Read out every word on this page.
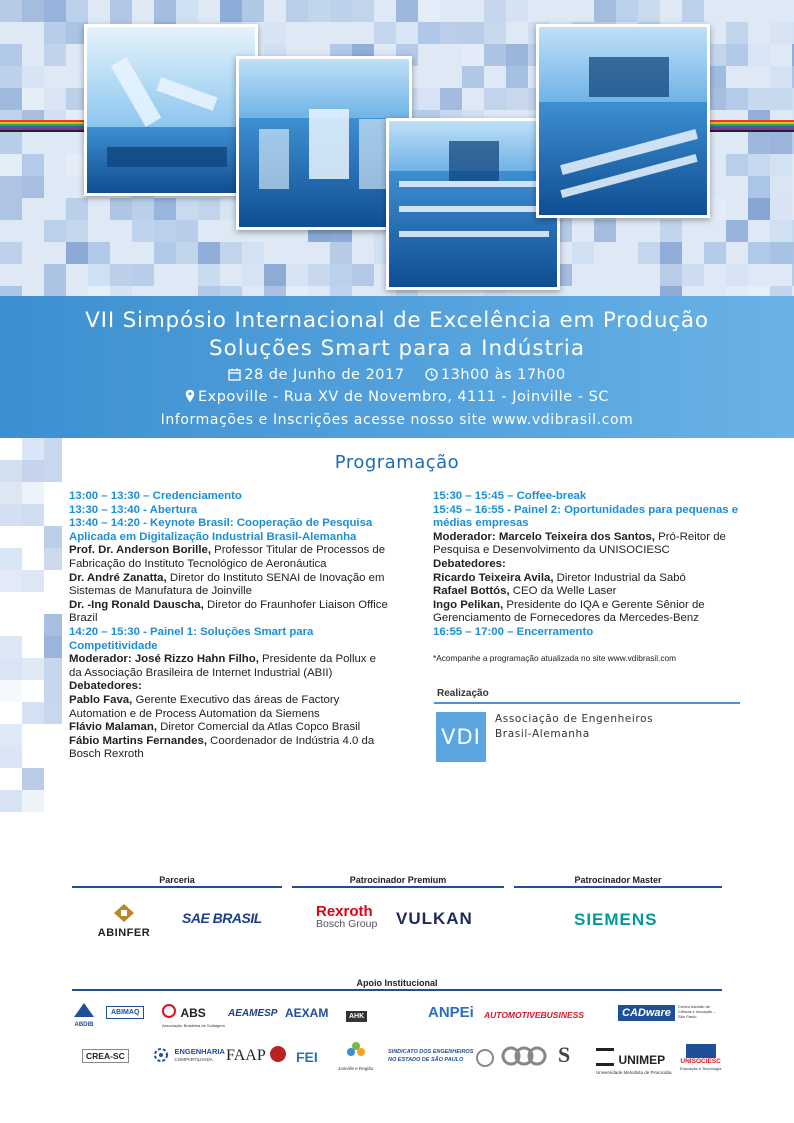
VII Simpósio Internacional de Excelência em Produção
Soluções Smart para a Indústria
28 de Junho de 2017	13h00 às 17h00
Expoville - Rua XV de Novembro, 4111 - Joinville - SC
Informações e Inscrições acesse nosso site www.vdibrasil.com
Programação

13:00 – 13:30 – Credenciamento

13:30 – 13:40 - Abertura

13:40 – 14:20 - Keynote Brasil: Cooperação de Pesquisa Aplicada em Digitalização Industrial Brasil-Alemanha

Prof. Dr. Anderson Borille, Professor Titular de Processos de Fabricação do Instituto Tecnológico de Aeronáutica

Dr. André Zanatta, Diretor do Instituto SENAI de Inovação em Sistemas de Manufatura de Joinville

Dr. -Ing Ronald Dauscha, Diretor do Fraunhofer Liaison Office Brazil

14:20 – 15:30 - Painel 1: Soluções Smart para Competitividade

Moderador: José Rizzo Hahn Filho, Presidente da Pollux e da Associação Brasileira de Internet Industrial (ABII)

Debatedores:

Pablo Fava, Gerente Executivo das áreas de Factory Automation e de Process Automation da Siemens

Flávio Malaman, Diretor Comercial da Atlas Copco Brasil

Fábio Martins Fernandes, Coordenador de Indústria 4.0 da Bosch Rexroth

15:30 – 15:45 – Coffee-break

15:45 – 16:55 - Painel 2: Oportunidades para pequenas e médias empresas

Moderador: Marcelo Teixeira dos Santos, Pró-Reitor de Pesquisa e Desenvolvimento da UNISOCIESC

Debatedores:

Ricardo Teixeira Avila, Diretor Industrial da Sabó

Rafael Bottós, CEO da Welle Laser

Ingo Pelikan, Presidente do IQA e Gerente Sênior de Gerenciamento de Fornecedores da Mercedes-Benz

16:55 – 17:00 – Encerramento

*Acompanhe a programação atualizada no site www.vdibrasil.com

Realização
VDI
Associação de Engenheiros
Brasil-Alemanha
Parceria	Patrocinador Premium	Patrocinador Master
ABINFER
SAE BRASIL	Rexroth
Bosch Group VULKAN	SIEMENS
Apoio Institucional
ABDIB
ABIMAQ	ABS
Associação Brasileira de Soldagem
AEAMESP AEXAM	AHK	ANPEi AUTOMOTIVEBUSINESS	CADware
Centro Alemão de Ciência e Inovação – São Paulo
CREA-SC
	ENGENHARIA
COMPARTILHADA FAAP	FEI
Joinville e Região
SINDICATO DOS ENGENHEIROS
NO ESTADO DE SÃO PAULO	S	UNIMEP
Universidade Metodista de Piracicaba
UNISOCIESC
Educação e Tecnologia
